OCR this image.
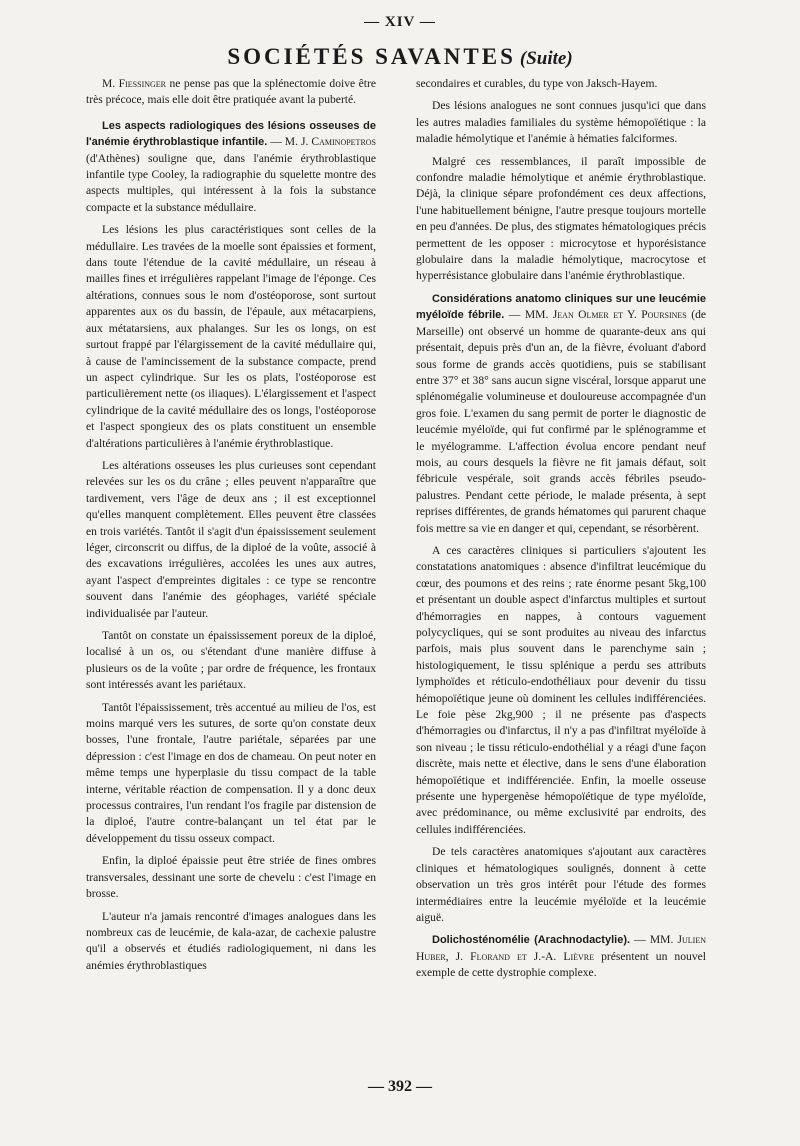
— XIV —
SOCIÉTÉS SAVANTES (Suite)

M. Fiessinger ne pense pas que la splénectomie doive être très précoce, mais elle doit être pratiquée avant la puberté.

Les aspects radiologiques des lésions osseuses de l'anémie érythroblastique infantile. — M. J. Caminopetros (d'Athènes) souligne que, dans l'anémie érythroblastique infantile type Cooley, la radiographie du squelette montre des aspects multiples, qui intéressent à la fois la substance compacte et la substance médullaire.

Les lésions les plus caractéristiques sont celles de la médullaire. Les travées de la moelle sont épaissies et forment, dans toute l'étendue de la cavité médullaire, un réseau à mailles fines et irrégulières rappelant l'image de l'éponge. Ces altérations, connues sous le nom d'ostéoporose, sont surtout apparentes aux os du bassin, de l'épaule, aux métacarpiens, aux métatarsiens, aux phalanges. Sur les os longs, on est surtout frappé par l'élargissement de la cavité médullaire qui, à cause de l'amincissement de la substance compacte, prend un aspect cylindrique. Sur les os plats, l'ostéoporose est particulièrement nette (os iliaques). L'élargissement et l'aspect cylindrique de la cavité médullaire des os longs, l'ostéoporose et l'aspect spongieux des os plats constituent un ensemble d'altérations particulières à l'anémie érythroblastique.

Les altérations osseuses les plus curieuses sont cependant relevées sur les os du crâne ; elles peuvent n'apparaître que tardivement, vers l'âge de deux ans ; il est exceptionnel qu'elles manquent complètement. Elles peuvent être classées en trois variétés. Tantôt il s'agit d'un épaississement seulement léger, circonscrit ou diffus, de la diploé de la voûte, associé à des excavations irrégulières, accolées les unes aux autres, ayant l'aspect d'empreintes digitales : ce type se rencontre souvent dans l'anémie des géophages, variété spéciale individualisée par l'auteur.

Tantôt on constate un épaississement poreux de la diploé, localisé à un os, ou s'étendant d'une manière diffuse à plusieurs os de la voûte ; par ordre de fréquence, les frontaux sont intéressés avant les pariétaux.

Tantôt l'épaississement, très accentué au milieu de l'os, est moins marqué vers les sutures, de sorte qu'on constate deux bosses, l'une frontale, l'autre pariétale, séparées par une dépression : c'est l'image en dos de chameau. On peut noter en même temps une hyperplasie du tissu compact de la table interne, véritable réaction de compensation. Il y a donc deux processus contraires, l'un rendant l'os fragile par distension de la diploé, l'autre contre-balançant un tel état par le développement du tissu osseux compact.

Enfin, la diploé épaissie peut être striée de fines ombres transversales, dessinant une sorte de chevelu : c'est l'image en brosse.

L'auteur n'a jamais rencontré d'images analogues dans les nombreux cas de leucémie, de kala-azar, de cachexie palustre qu'il a observés et étudiés radiologiquement, ni dans les anémies érythroblastiques

secondaires et curables, du type von Jaksch-Hayem.

Des lésions analogues ne sont connues jusqu'ici que dans les autres maladies familiales du système hémopoïétique : la maladie hémolytique et l'anémie à hématies falciformes.

Malgré ces ressemblances, il paraît impossible de confondre maladie hémolytique et anémie érythroblastique. Déjà, la clinique sépare profondément ces deux affections, l'une habituellement bénigne, l'autre presque toujours mortelle en peu d'années. De plus, des stigmates hématologiques précis permettent de les opposer : microcytose et hyporésistance globulaire dans la maladie hémolytique, macrocytose et hyperrésistance globulaire dans l'anémie érythroblastique.

Considérations anatomo cliniques sur une leucémie myéloïde fébrile. — MM. Jean Olmer et Y. Poursines (de Marseille) ont observé un homme de quarante-deux ans qui présentait, depuis près d'un an, de la fièvre, évoluant d'abord sous forme de grands accès quotidiens, puis se stabilisant entre 37° et 38° sans aucun signe viscéral, lorsque apparut une splénomégalie volumineuse et douloureuse accompagnée d'un gros foie. L'examen du sang permit de porter le diagnostic de leucémie myéloïde, qui fut confirmé par le splénogramme et le myélogramme. L'affection évolua encore pendant neuf mois, au cours desquels la fièvre ne fit jamais défaut, soit fébricule vespérale, soit grands accès fébriles pseudo-palustres. Pendant cette période, le malade présenta, à sept reprises différentes, de grands hématomes qui parurent chaque fois mettre sa vie en danger et qui, cependant, se résorbèrent.

A ces caractères cliniques si particuliers s'ajoutent les constatations anatomiques : absence d'infiltrat leucémique du cœur, des poumons et des reins ; rate énorme pesant 5kg,100 et présentant un double aspect d'infarctus multiples et surtout d'hémorragies en nappes, à contours vaguement polycycliques, qui se sont produites au niveau des infarctus parfois, mais plus souvent dans le parenchyme sain ; histologiquement, le tissu splénique a perdu ses attributs lymphoïdes et réticulo-endothéliaux pour devenir du tissu hémopoïétique jeune où dominent les cellules indifférenciées. Le foie pèse 2kg,900 ; il ne présente pas d'aspects d'hémorragies ou d'infarctus, il n'y a pas d'infiltrat myéloïde à son niveau ; le tissu réticulo-endothélial y a réagi d'une façon discrète, mais nette et élective, dans le sens d'une élaboration hémopoïétique et indifférenciée. Enfin, la moelle osseuse présente une hypergenèse hémopoïétique de type myéloïde, avec prédominance, ou même exclusivité par endroits, des cellules indifférenciées.

De tels caractères anatomiques s'ajoutant aux caractères cliniques et hématologiques soulignés, donnent à cette observation un très gros intérêt pour l'étude des formes intermédiaires entre la leucémie myéloïde et la leucémie aiguë.

Dolichosténomélie (Arachnodactylie). — MM. Julien Huber, J. Florand et J.-A. Lièvre présentent un nouvel exemple de cette dystrophie complexe.

— 392 —
